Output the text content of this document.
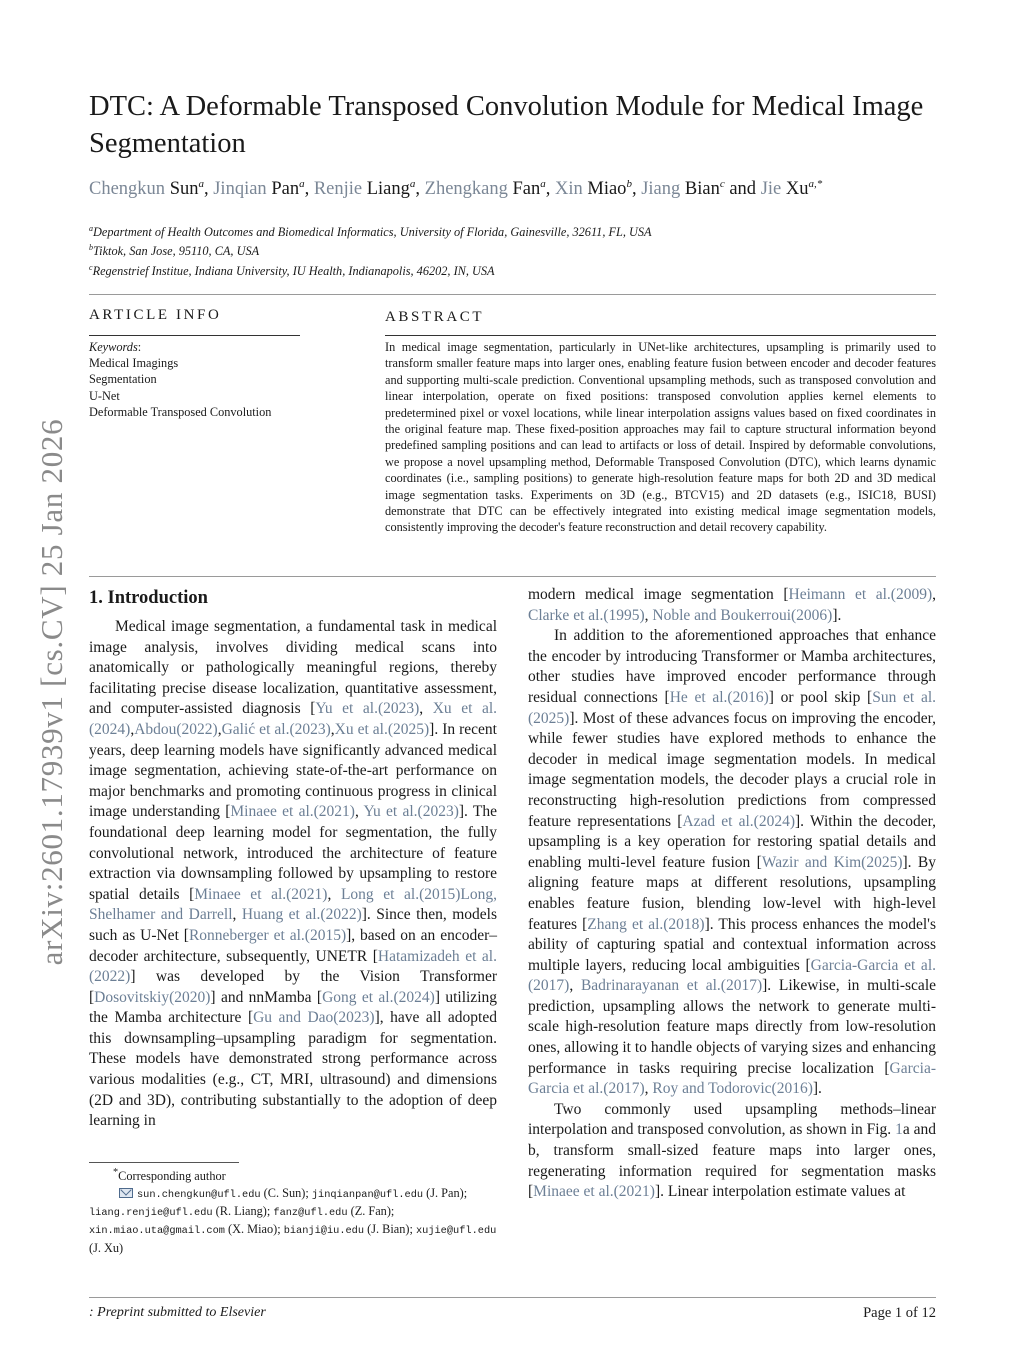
DTC: A Deformable Transposed Convolution Module for Medical Image Segmentation
Chengkun Sun$^a$, Jinqian Pan$^a$, Renjie Liang$^a$, Zhengkang Fan$^a$, Xin Miao$^b$, Jiang Bian$^c$ and Jie $Xu^{a,*}$
$^a$Department of Health Outcomes and Biomedical Informatics, University of Florida, Gainesville, 32611, FL, USA
$^b$Tiktok, San Jose, 95110, CA, USA
$^c$Regenstrief Institue, Indiana University, IU Health, Indianapolis, 46202, IN, USA
ARTICLE INFO
Keywords:
Medical Imagings
Segmentation
U-Net
Deformable Transposed Convolution
ABSTRACT
In medical image segmentation, particularly in UNet-like architectures, upsampling is primarily used to transform smaller feature maps into larger ones, enabling feature fusion between encoder and decoder features and supporting multi-scale prediction. Conventional upsampling methods, such as transposed convolution and linear interpolation, operate on fixed positions: transposed convolution applies kernel elements to predetermined pixel or voxel locations, while linear interpolation assigns values based on fixed coordinates in the original feature map. These fixed-position approaches may fail to capture structural information beyond predefined sampling positions and can lead to artifacts or loss of detail. Inspired by deformable convolutions, we propose a novel upsampling method, Deformable Transposed Convolution (DTC), which learns dynamic coordinates (i.e., sampling positions) to generate high-resolution feature maps for both 2D and 3D medical image segmentation tasks. Experiments on 3D (e.g., BTCV15) and 2D datasets (e.g., ISIC18, BUSI) demonstrate that DTC can be effectively integrated into existing medical image segmentation models, consistently improving the decoder's feature reconstruction and detail recovery capability.
arXiv:2601.17939v1 [cs.CV] 25 Jan 2026 1. Introduction

Medical image segmentation, a fundamental task in medical image analysis, involves dividing medical scans into anatomically or pathologically meaningful regions, thereby facilitating precise disease localization, quantitative assessment, and computer-assisted diagnosis [Yu et al.(2023), Xu et al.(2024),Abdou(2022),Galić et al.(2023),Xu et al.(2025)]. In recent years, deep learning models have significantly advanced medical image segmentation, achieving state-of-the-art performance on major benchmarks and promoting continuous progress in clinical image understanding [Minaee et al.(2021), Yu et al.(2023)]. The foundational deep learning model for segmentation, the fully convolutional network, introduced the architecture of feature extraction via downsampling followed by upsampling to restore spatial details [Minaee et al.(2021), Long et al.(2015)Long, Shelhamer and Darrell, Huang et al.(2022)]. Since then, models such as U-Net [Ronneberger et al.(2015)], based on an encoder–decoder architecture, subsequently, UNETR [Hatamizadeh et al.(2022)] was developed by the Vision Transformer [Dosovitskiy(2020)] and nnMamba [Gong et al.(2024)] utilizing the Mamba architecture [Gu and Dao(2023)], have all adopted this downsampling–upsampling paradigm for segmentation. These models have demonstrated strong performance across various modalities (e.g., CT, MRI, ultrasound) and dimensions (2D and 3D), contributing substantially to the adoption of deep learning in

modern medical image segmentation [Heimann et al.(2009), Clarke et al.(1995), Noble and Boukerroui(2006)].

In addition to the aforementioned approaches that enhance the encoder by introducing Transformer or Mamba architectures, other studies have improved encoder performance through residual connections [He et al.(2016)] or pool skip [Sun et al.(2025)]. Most of these advances focus on improving the encoder, while fewer studies have explored methods to enhance the decoder in medical image segmentation models. In medical image segmentation models, the decoder plays a crucial role in reconstructing high-resolution predictions from compressed feature representations [Azad et al.(2024)]. Within the decoder, upsampling is a key operation for restoring spatial details and enabling multi-level feature fusion [Wazir and Kim(2025)]. By aligning feature maps at different resolutions, upsampling enables feature fusion, blending low-level with high-level features [Zhang et al.(2018)]. This process enhances the model's ability of capturing spatial and contextual information across multiple layers, reducing local ambiguities [Garcia-Garcia et al.(2017), Badrinarayanan et al.(2017)]. Likewise, in multi-scale prediction, upsampling allows the network to generate multi-scale high-resolution feature maps directly from low-resolution ones, allowing it to handle objects of varying sizes and enhancing performance in tasks requiring precise localization [Garcia-Garcia et al.(2017), Roy and Todorovic(2016)].

Two commonly used upsampling methods–linear interpolation and transposed convolution, as shown in Fig. 1a and b, transform small-sized feature maps into larger ones, regenerating information required for segmentation masks [Minaee et al.(2021)]. Linear interpolation estimate values at

*Corresponding author
sun.chengkun@ufl.edu (C. Sun); jinqianpan@ufl.edu (J. Pan);
liang.renjie@ufl.edu (R. Liang); fanz@ufl.edu (Z. Fan);
xin.miao.uta@gmail.com (X. Miao); bianji@iu.edu (J. Bian); xujie@ufl.edu
(J. Xu)
: Preprint submitted to Elsevier	Page 1 of 12
